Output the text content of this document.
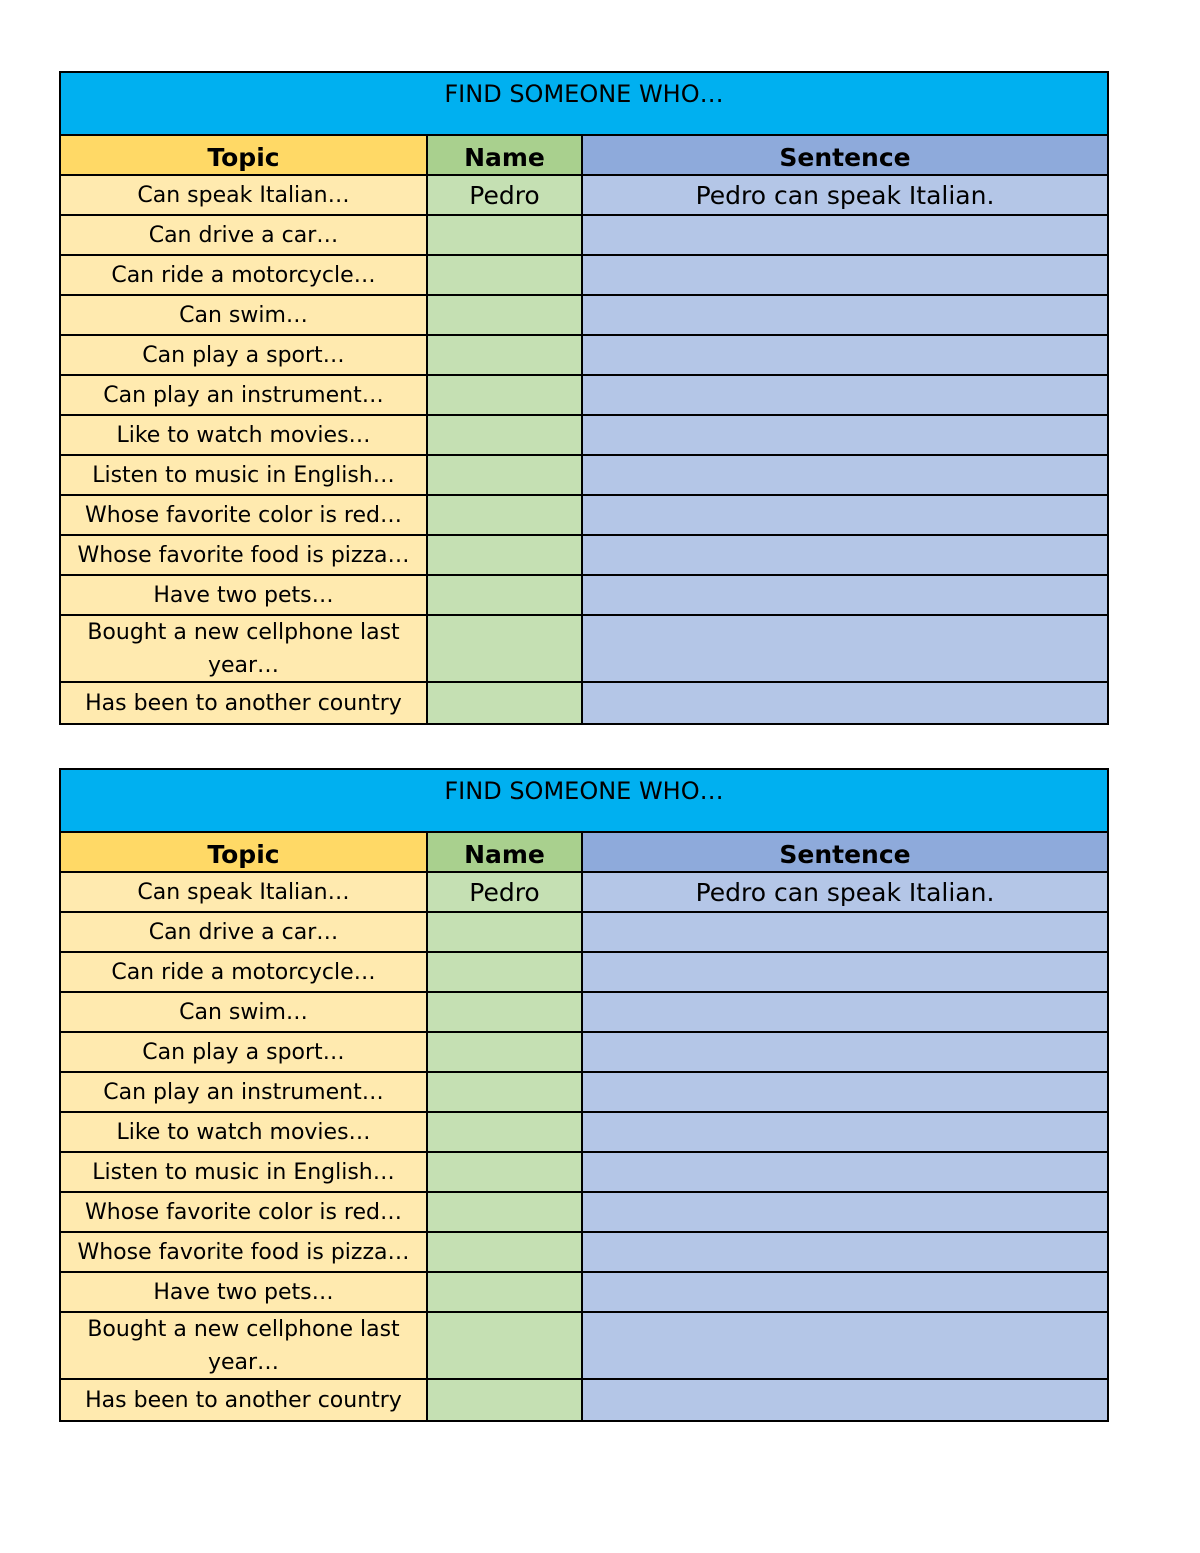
FIND SOMEONE WHO…
Topic	Name	Sentence
Can speak Italian…	Pedro	Pedro can speak Italian.
Can drive a car…
Can ride a motorcycle…
Can swim…
Can play a sport…
Can play an instrument…
Like to watch movies…
Listen to music in English…
Whose favorite color is red…
Whose favorite food is pizza…
Have two pets…
Bought a new cellphone last year…
Has been to another country
FIND SOMEONE WHO…
Topic	Name	Sentence
Can speak Italian…	Pedro	Pedro can speak Italian.
Can drive a car…
Can ride a motorcycle…
Can swim…
Can play a sport…
Can play an instrument…
Like to watch movies…
Listen to music in English…
Whose favorite color is red…
Whose favorite food is pizza…
Have two pets…
Bought a new cellphone last year…
Has been to another country
